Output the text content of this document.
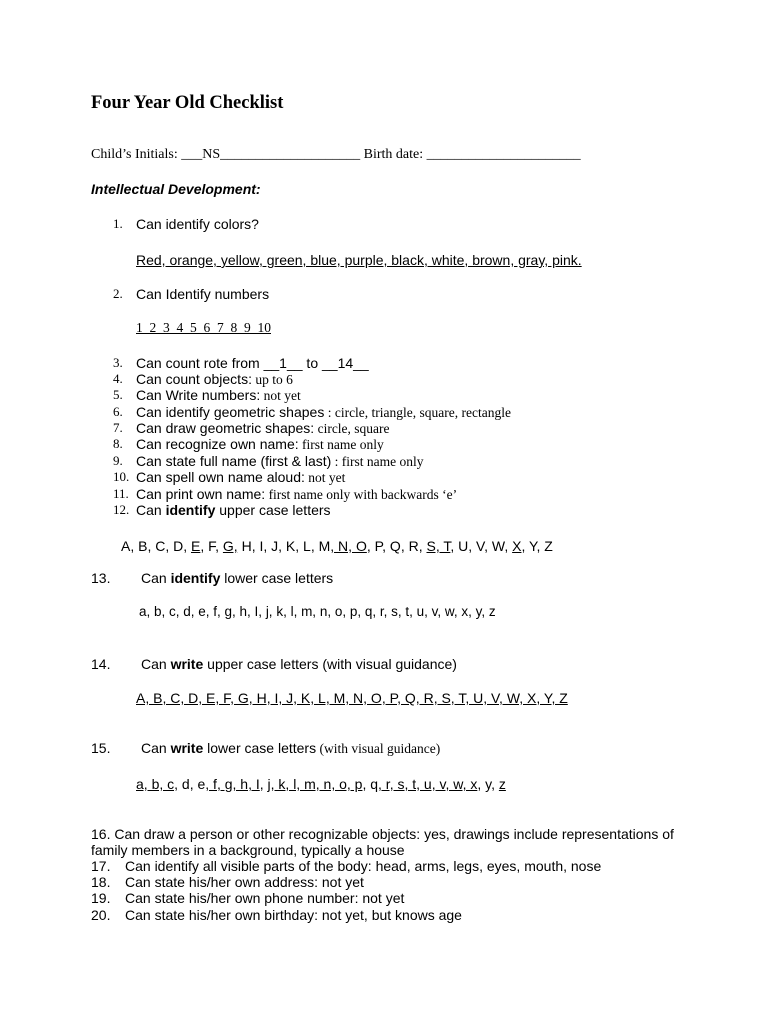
Four Year Old Checklist
Child’s Initials: ___NS____________________ Birth date: ______________________
Intellectual Development:
1. Can identify colors?
Red, orange, yellow, green, blue, purple, black, white, brown, gray, pink.
2. Can Identify numbers
1  2  3  4  5  6  7  8  9  10
3. Can count rote from __1__ to __14__
4. Can count objects: up to 6
5. Can Write numbers: not yet
6. Can identify geometric shapes : circle, triangle, square, rectangle
7. Can draw geometric shapes: circle, square
8. Can recognize own name: first name only
9. Can state full name (first & last) : first name only
10. Can spell own name aloud: not yet
11. Can print own name: first name only with backwards ‘e’
12. Can identify upper case letters
A, B, C, D, E, F, G, H, I, J, K, L, M, N, O, P, Q, R, S, T, U, V, W, X, Y, Z
13. Can identify lower case letters
a, b, c, d, e, f, g, h, I, j, k, l, m, n, o, p, q, r, s, t, u, v, w, x, y, z
14. Can write upper case letters (with visual guidance)
A, B, C, D, E, F, G, H, I, J, K, L, M, N, O, P, Q, R, S, T, U, V, W, X, Y, Z
15. Can write lower case letters (with visual guidance)
a, b, c, d, e, f, g, h, I, j, k, l, m, n, o, p, q, r, s, t, u, v, w, x, y, z
16. Can draw a person or other recognizable objects: yes, drawings include representations of family members in a background, typically a house
17. Can identify all visible parts of the body: head, arms, legs, eyes, mouth, nose
18. Can state his/her own address: not yet
19. Can state his/her own phone number: not yet
20. Can state his/her own birthday: not yet, but knows age
